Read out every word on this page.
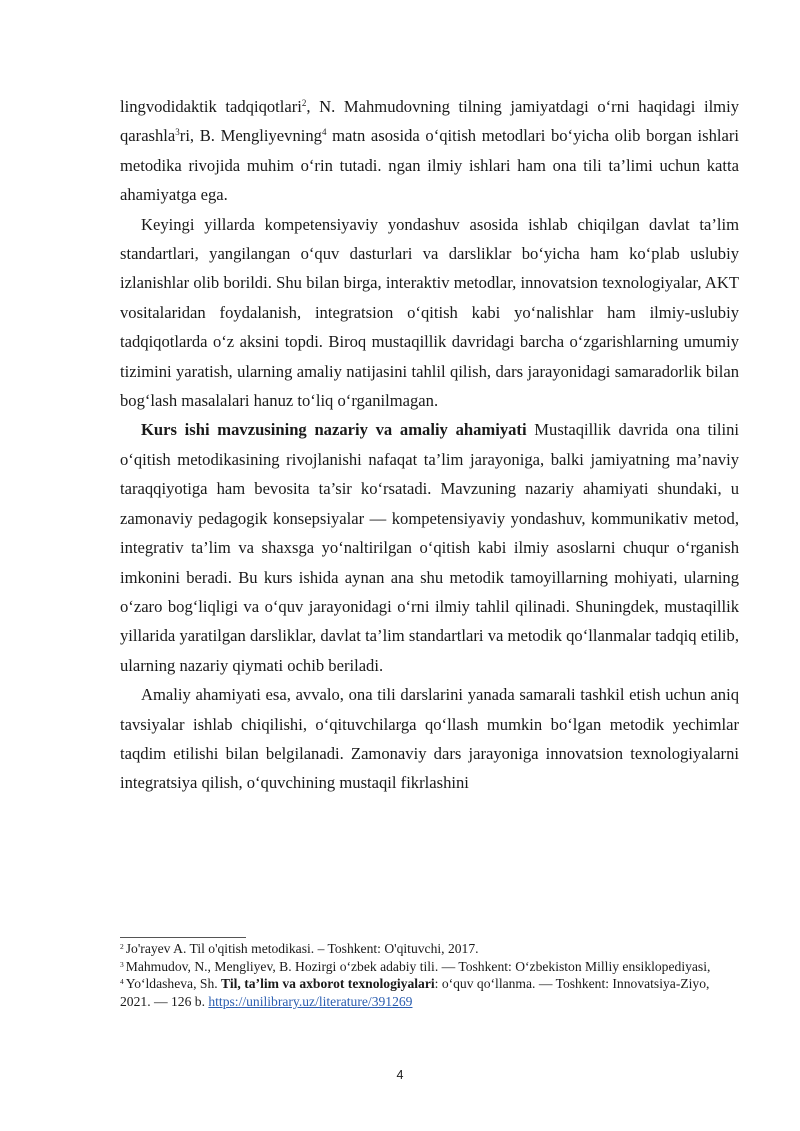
lingvodidaktik tadqiqotlari$^2$, N. Mahmudovning tilning jamiyatdagi o‘rni haqidagi ilmiy qarashla$^3$ri, B. Mengliyevning$^4$ matn asosida o‘qitish metodlari bo‘yicha olib borgan ishlari metodika rivojida muhim o‘rin tutadi. ngan ilmiy ishlari ham ona tili ta’limi uchun katta ahamiyatga ega.

Keyingi yillarda kompetensiyaviy yondashuv asosida ishlab chiqilgan davlat ta’lim standartlari, yangilangan o‘quv dasturlari va darsliklar bo‘yicha ham ko‘plab uslubiy izlanishlar olib borildi. Shu bilan birga, interaktiv metodlar, innovatsion texnologiyalar, AKT vositalaridan foydalanish, integratsion o‘qitish kabi yo‘nalishlar ham ilmiy-uslubiy tadqiqotlarda o‘z aksini topdi. Biroq mustaqillik davridagi barcha o‘zgarishlarning umumiy tizimini yaratish, ularning amaliy natijasini tahlil qilish, dars jarayonidagi samaradorlik bilan bog‘lash masalalari hanuz to‘liq o‘rganilmagan.

Kurs ishi mavzusining nazariy va amaliy ahamiyati Mustaqillik davrida ona tilini o‘qitish metodikasining rivojlanishi nafaqat ta’lim jarayoniga, balki jamiyatning ma’naviy taraqqiyotiga ham bevosita ta’sir ko‘rsatadi. Mavzuning nazariy ahamiyati shundaki, u zamonaviy pedagogik konsepsiyalar — kompetensiyaviy yondashuv, kommunikativ metod, integrativ ta’lim va shaxsga yo‘naltirilgan o‘qitish kabi ilmiy asoslarni chuqur o‘rganish imkonini beradi. Bu kurs ishida aynan ana shu metodik tamoyillarning mohiyati, ularning o‘zaro bog‘liqligi va o‘quv jarayonidagi o‘rni ilmiy tahlil qilinadi. Shuningdek, mustaqillik yillarida yaratilgan darsliklar, davlat ta’lim standartlari va metodik qo‘llanmalar tadqiq etilib, ularning nazariy qiymati ochib beriladi.

Amaliy ahamiyati esa, avvalo, ona tili darslarini yanada samarali tashkil etish uchun aniq tavsiyalar ishlab chiqilishi, o‘qituvchilarga qo‘llash mumkin bo‘lgan metodik yechimlar taqdim etilishi bilan belgilanadi. Zamonaviy dars jarayoniga innovatsion texnologiyalarni integratsiya qilish, o‘quvchining mustaqil fikrlashini

$^2$ Jo'rayev A. Til o'qitish metodikasi. – Toshkent: O'qituvchi, 2017.

$^3$ Mahmudov, N., Mengliyev, B. Hozirgi o‘zbek adabiy tili. — Toshkent: O‘zbekiston Milliy ensiklopediyasi,

$^4$ Yo‘ldasheva, Sh. Til, ta’lim va axborot texnologiyalari: o‘quv qo‘llanma. — Toshkent: Innovatsiya-Ziyo, 2021. — 126 b. https://unilibrary.uz/literature/391269

4
